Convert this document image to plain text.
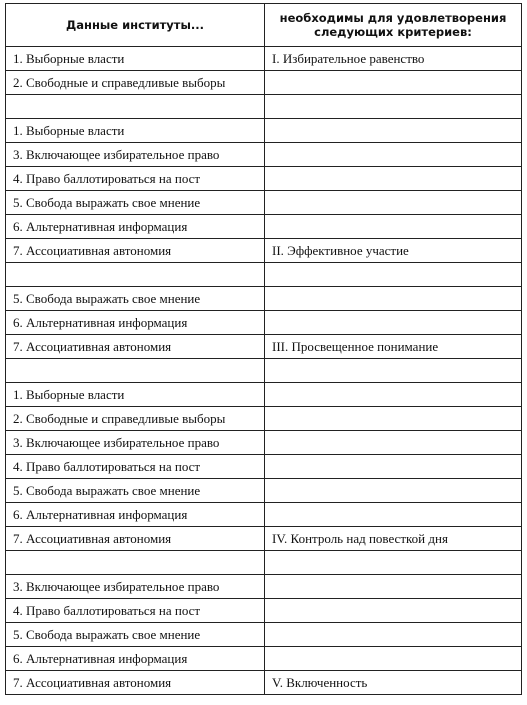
Данные институты...	необходимы для удовлетворения следующих критериев:
1. Выборные власти	I. Избирательное равенство
2. Свободные и справедливые выборы	

1. Выборные власти	
3. Включающее избирательное право	
4. Право баллотироваться на пост	
5. Свобода выражать свое мнение	
6. Альтернативная информация	
7. Ассоциативная автономия	II. Эффективное участие

5. Свобода выражать свое мнение	
6. Альтернативная информация	
7. Ассоциативная автономия	III. Просвещенное понимание

1. Выборные власти	
2. Свободные и справедливые выборы	
3. Включающее избирательное право	
4. Право баллотироваться на пост	
5. Свобода выражать свое мнение	
6. Альтернативная информация	
7. Ассоциативная автономия	IV. Контроль над повесткой дня

3. Включающее избирательное право	
4. Право баллотироваться на пост	
5. Свобода выражать свое мнение	
6. Альтернативная информация	
7. Ассоциативная автономия	V. Включенность
